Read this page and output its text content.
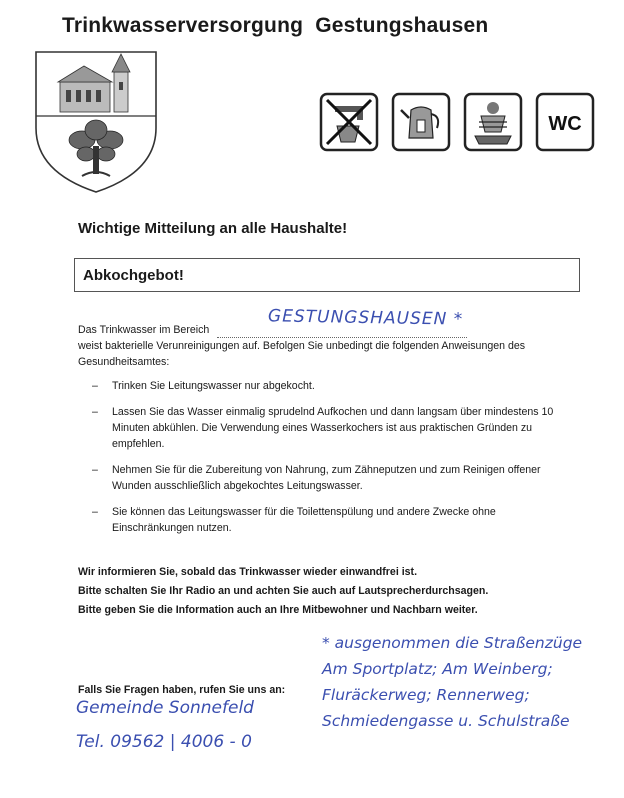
Trinkwasserversorgung  Gestungshausen
WC
Wichtige Mitteilung an alle Haushalte!
Abkochgebot!
Das Trinkwasser im Bereich
weist bakterielle Verunreinigungen auf. Befolgen Sie unbedingt die folgenden Anweisungen des Gesundheitsamtes:
GESTUNGSHAUSEN *
– Trinken Sie Leitungswasser nur abgekocht.
– Lassen Sie das Wasser einmalig sprudelnd Aufkochen und dann langsam über mindestens 10 Minuten abkühlen. Die Verwendung eines Wasserkochers ist aus praktischen Gründen zu empfehlen.
– Nehmen Sie für die Zubereitung von Nahrung, zum Zähneputzen und zum Reinigen offener Wunden ausschließlich abgekochtes Leitungswasser.
– Sie können das Leitungswasser für die Toilettenspülung und andere Zwecke ohne Einschränkungen nutzen.
Wir informieren Sie, sobald das Trinkwasser wieder einwandfrei ist.
Bitte schalten Sie Ihr Radio an und achten Sie auch auf Lautsprecherdurchsagen.
Bitte geben Sie die Information auch an Ihre Mitbewohner und Nachbarn weiter.
Falls Sie Fragen haben, rufen Sie uns an:
Gemeinde Sonnefeld
Tel. 09562 | 4006 - 0
* ausgenommen die Straßenzüge
Am Sportplatz; Am Weinberg;
Fluräckerweg; Rennerweg;
Schmiedengasse u. Schulstraße
